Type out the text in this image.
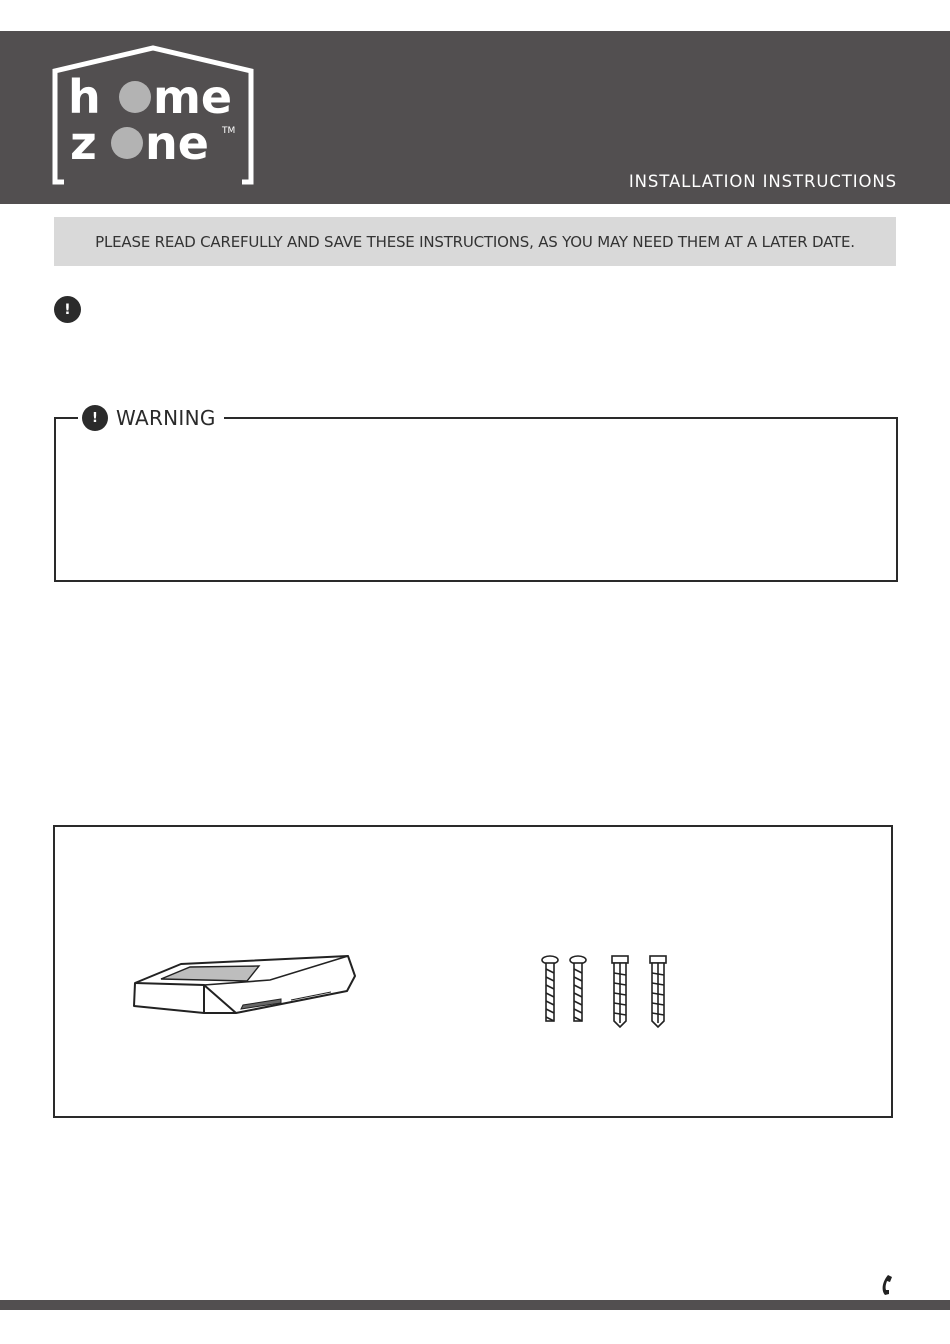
h me
z ne TM
INSTALLATION INSTRUCTIONS
PLEASE READ CAREFULLY AND SAVE THESE INSTRUCTIONS, AS YOU MAY NEED THEM AT A LATER DATE.
!
! WARNING
